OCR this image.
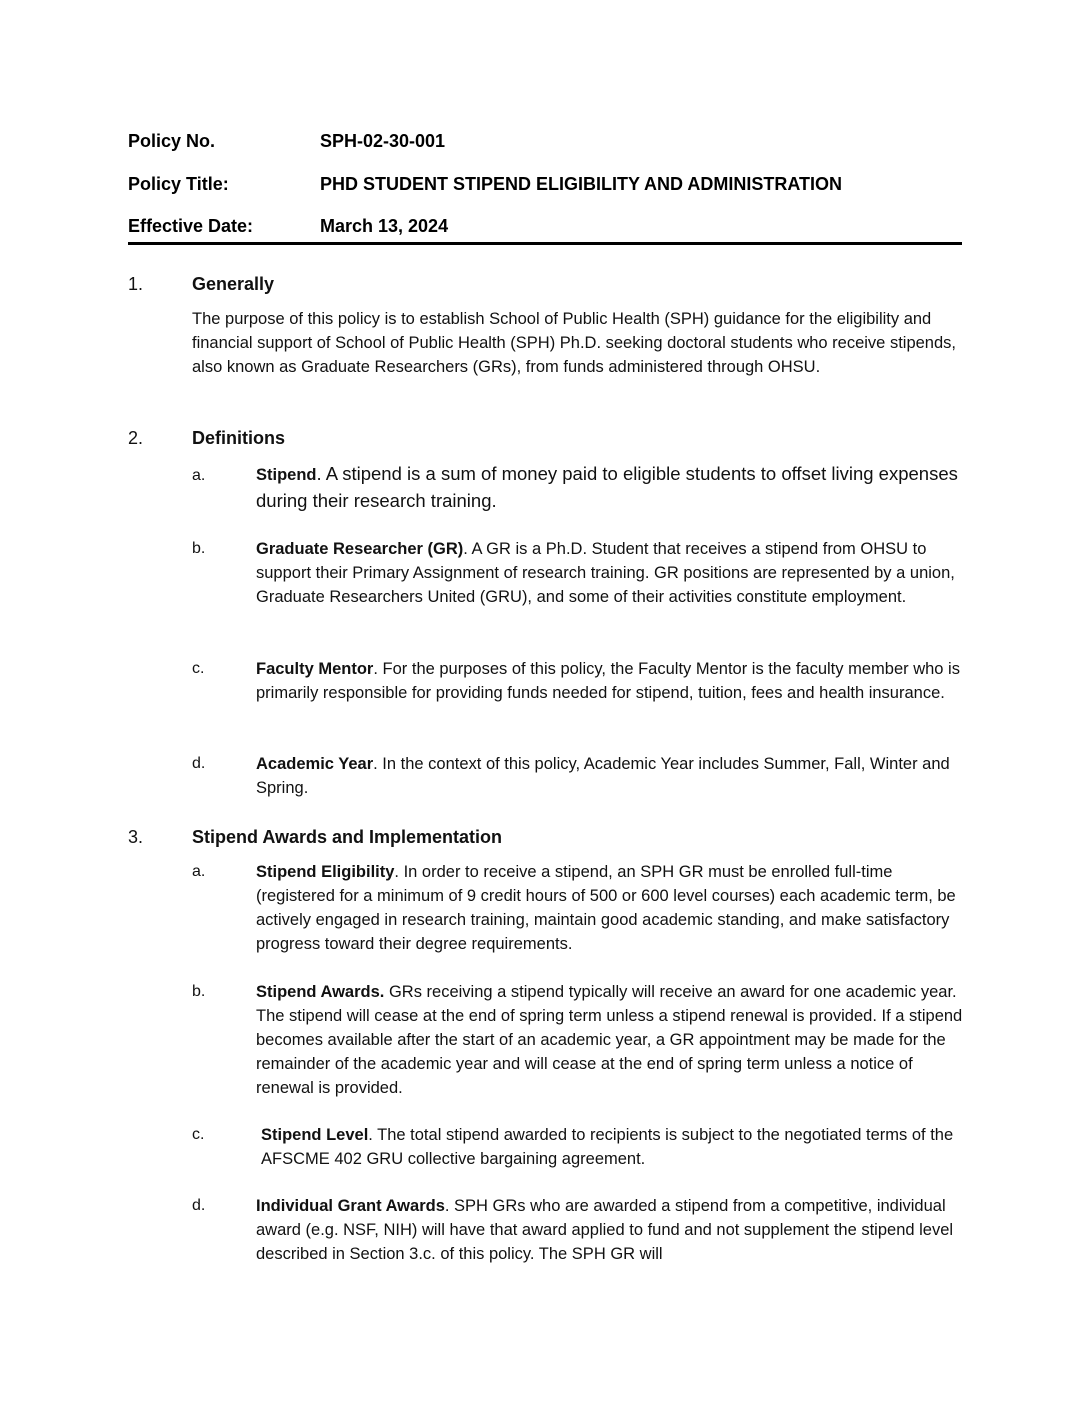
Policy No.	SPH-02-30-001
Policy Title:	PHD STUDENT STIPEND ELIGIBILITY AND ADMINISTRATION
Effective Date:	March 13, 2024
1.	Generally

The purpose of this policy is to establish School of Public Health (SPH) guidance for the eligibility and financial support of School of Public Health (SPH) Ph.D. seeking doctoral students who receive stipends, also known as Graduate Researchers (GRs), from funds administered through OHSU.

2.	Definitions
a.	Stipend. A stipend is a sum of money paid to eligible students to offset living expenses during their research training.

b.	Graduate Researcher (GR). A GR is a Ph.D. Student that receives a stipend from OHSU to support their Primary Assignment of research training. GR positions are represented by a union, Graduate Researchers United (GRU), and some of their activities constitute employment.

c.	Faculty Mentor. For the purposes of this policy, the Faculty Mentor is the faculty member who is primarily responsible for providing funds needed for stipend, tuition, fees and health insurance.

d.	Academic Year. In the context of this policy, Academic Year includes Summer, Fall, Winter and Spring.

3.	Stipend Awards and Implementation
a.	Stipend Eligibility. In order to receive a stipend, an SPH GR must be enrolled full-time (registered for a minimum of 9 credit hours of 500 or 600 level courses) each academic term, be actively engaged in research training, maintain good academic standing, and make satisfactory progress toward their degree requirements.

b.	Stipend Awards. GRs receiving a stipend typically will receive an award for one academic year. The stipend will cease at the end of spring term unless a stipend renewal is provided. If a stipend becomes available after the start of an academic year, a GR appointment may be made for the remainder of the academic year and will cease at the end of spring term unless a notice of renewal is provided.

c.	Stipend Level. The total stipend awarded to recipients is subject to the negotiated terms of the AFSCME 402 GRU collective bargaining agreement.

d.	Individual Grant Awards. SPH GRs who are awarded a stipend from a competitive, individual award (e.g. NSF, NIH) will have that award applied to fund and not supplement the stipend level described in Section 3.c. of this policy. The SPH GR will
